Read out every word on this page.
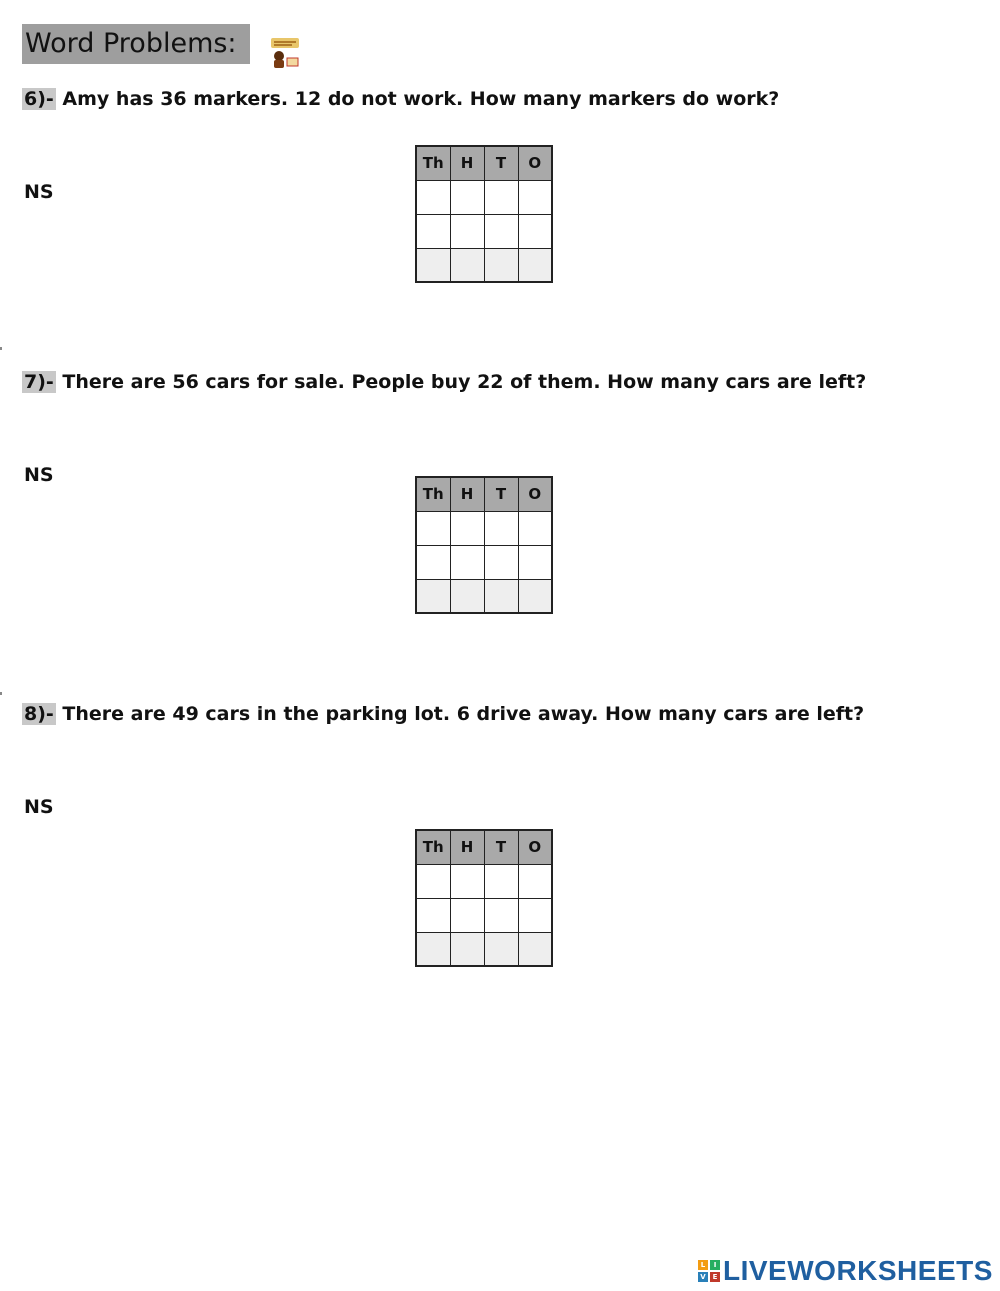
Word Problems:
6)- Amy has 36 markers. 12 do not work. How many markers do work?
NS
Th	H	T	O

7)- There are 56 cars for sale. People buy 22 of them. How many cars are left?
NS
Th	H	T	O

8)- There are 49 cars in the parking lot. 6 drive away. How many cars are left?
NS
Th	H	T	O

L	I
V E LIVEWORKSHEETS
